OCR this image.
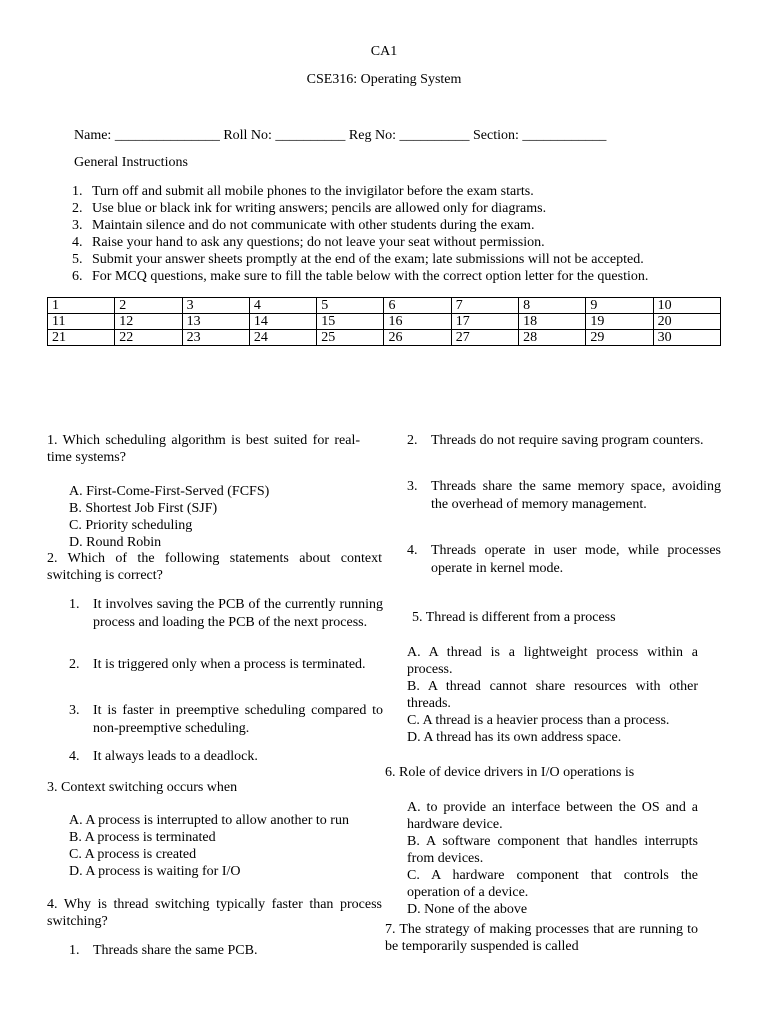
CA1
CSE316: Operating System
Name: _______________ Roll No: __________ Reg No: __________ Section: ____________
General Instructions
1. Turn off and submit all mobile phones to the invigilator before the exam starts.
2. Use blue or black ink for writing answers; pencils are allowed only for diagrams.
3. Maintain silence and do not communicate with other students during the exam.
4. Raise your hand to ask any questions; do not leave your seat without permission.
5. Submit your answer sheets promptly at the end of the exam; late submissions will not be accepted.
6. For MCQ questions, make sure to fill the table below with the correct option letter for the question.
1	2	3	4	5	6	7	8	9	10
11	12	13	14	15	16	17	18	19	20
21	22	23	24	25	26	27	28	29	30
1. Which scheduling algorithm is best suited for real-time systems?
A. First-Come-First-Served (FCFS)
B. Shortest Job First (SJF)
C. Priority scheduling
D. Round Robin
2. Which of the following statements about context switching is correct?
1. It involves saving the PCB of the currently running process and loading the PCB of the next process.
2. It is triggered only when a process is terminated.
3. It is faster in preemptive scheduling compared to non-preemptive scheduling.
4. It always leads to a deadlock.
3. Context switching occurs when
A. A process is interrupted to allow another to run
B. A process is terminated
C. A process is created
D. A process is waiting for I/O
4. Why is thread switching typically faster than process switching?
1. Threads share the same PCB.
2. Threads do not require saving program counters.
3. Threads share the same memory space, avoiding the overhead of memory management.
4. Threads operate in user mode, while processes operate in kernel mode.
5. Thread is different from a process
A. A thread is a lightweight process within a process.
B. A thread cannot share resources with other threads.
C. A thread is a heavier process than a process.
D. A thread has its own address space.
6. Role of device drivers in I/O operations is
A. to provide an interface between the OS and a hardware device.
B. A software component that handles interrupts from devices.
C. A hardware component that controls the operation of a device.
D. None of the above
7. The strategy of making processes that are running to be temporarily suspended is called
